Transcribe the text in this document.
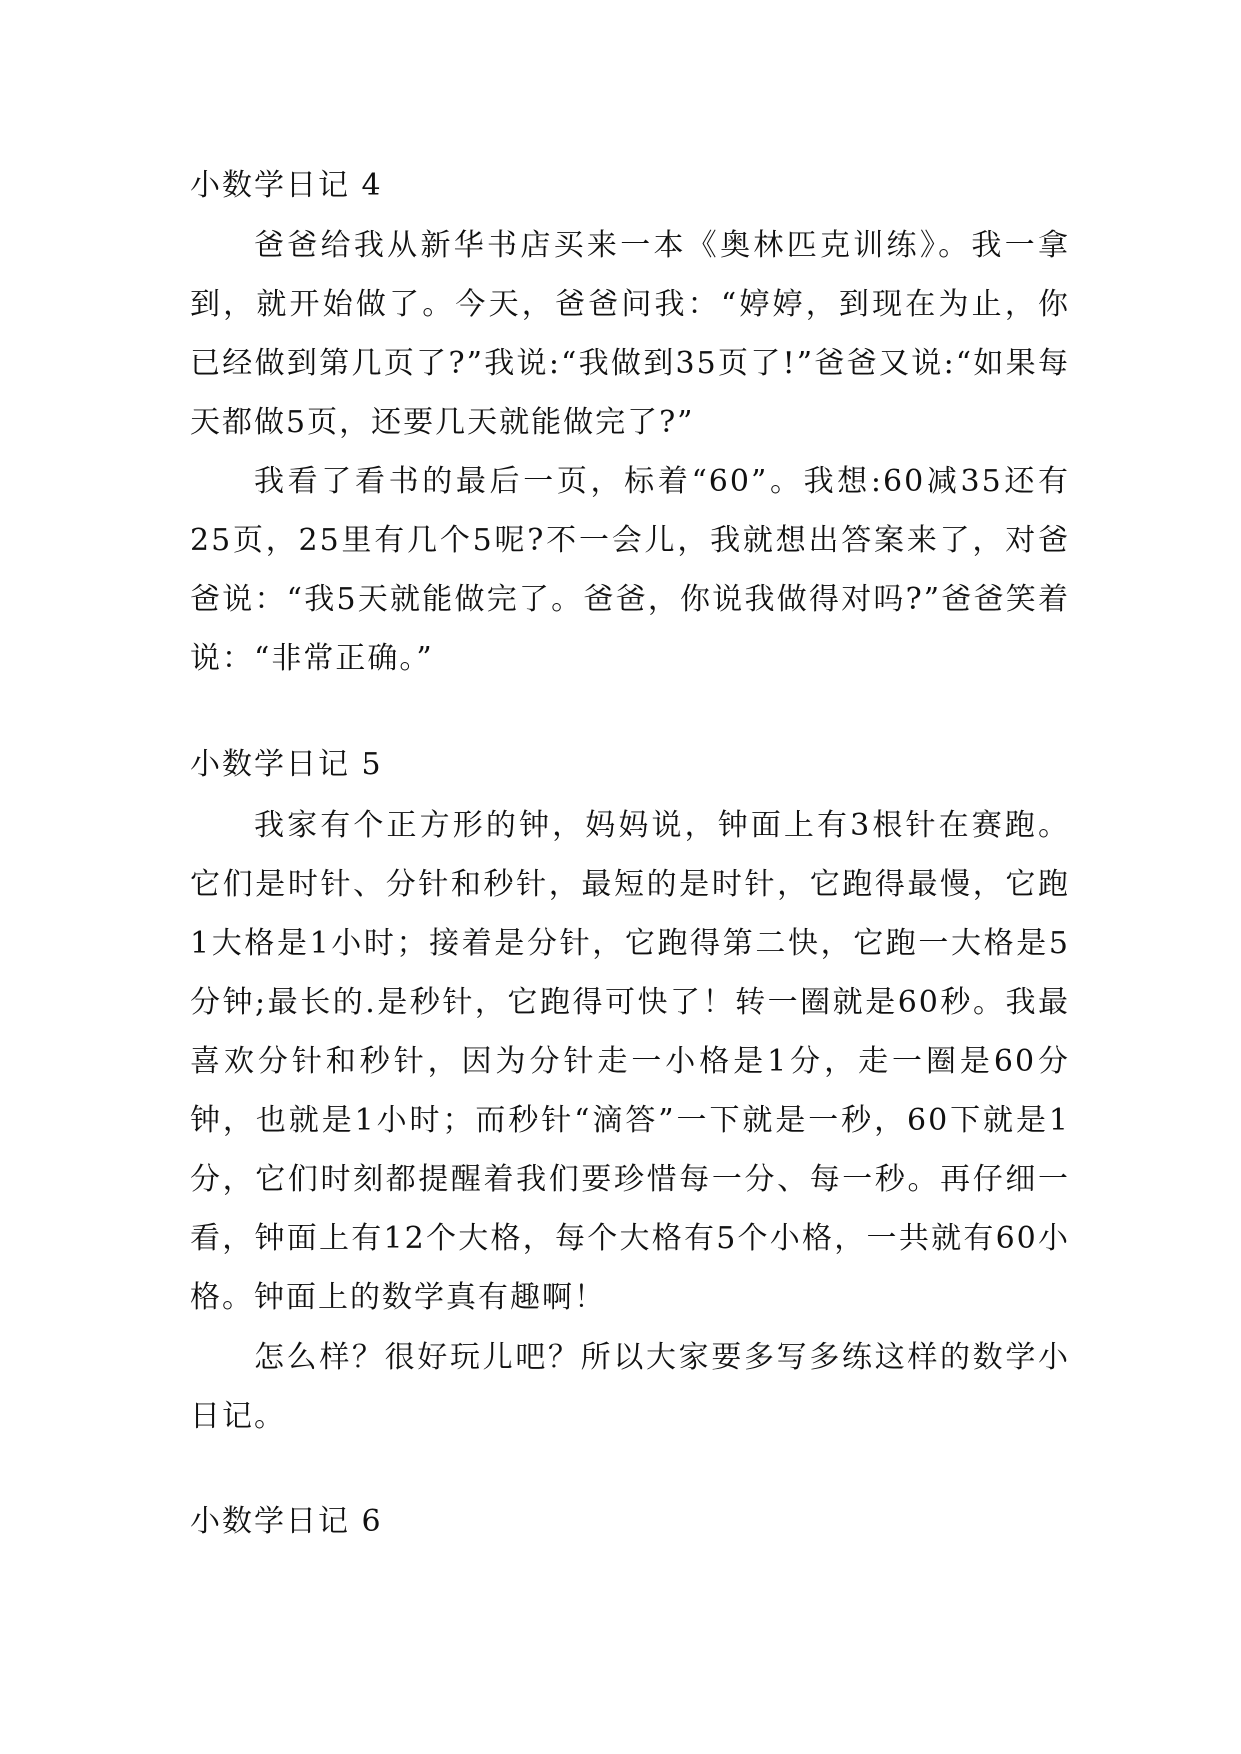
小数学日记 4

爸爸给我从新华书店买来一本《奥林匹克训练》。我一拿到，就开始做了。今天，爸爸问我：“婷婷，到现在为止，你已经做到第几页了?”我说:“我做到35页了!”爸爸又说:“如果每天都做5页，还要几天就能做完了?”

我看了看书的最后一页，标着“60”。我想:60减35还有25页，25里有几个5呢?不一会儿，我就想出答案来了，对爸爸说：“我5天就能做完了。爸爸，你说我做得对吗?”爸爸笑着说：“非常正确。”

小数学日记 5

我家有个正方形的钟，妈妈说，钟面上有3根针在赛跑。它们是时针、分针和秒针，最短的是时针，它跑得最慢，它跑1大格是1小时；接着是分针，它跑得第二快，它跑一大格是5分钟;最长的.是秒针，它跑得可快了！转一圈就是60秒。我最喜欢分针和秒针，因为分针走一小格是1分，走一圈是60分钟，也就是1小时；而秒针“滴答”一下就是一秒，60下就是1分，它们时刻都提醒着我们要珍惜每一分、每一秒。再仔细一看，钟面上有12个大格，每个大格有5个小格，一共就有60小格。钟面上的数学真有趣啊！

怎么样？很好玩儿吧？所以大家要多写多练这样的数学小日记。

小数学日记 6
